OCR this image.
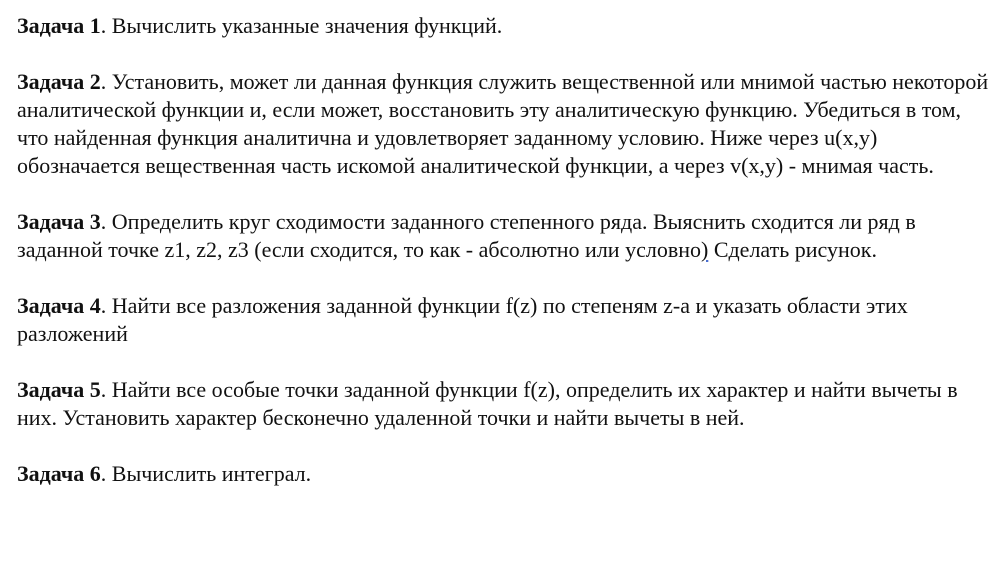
Задача 1. Вычислить указанные значения функций.

Задача 2. Установить, может ли данная функция служить вещественной или мнимой частью некоторой аналитической функции и, если может, восстановить эту аналитическую функцию. Убедиться в том, что найденная функция аналитична и удовлетворяет заданному условию. Ниже через u(x,y) обозначается вещественная часть искомой аналитической функции, а через v(x,y) - мнимая часть.

Задача 3. Определить круг сходимости заданного степенного ряда. Выяснить сходится ли ряд в заданной точке z1, z2, z3 (если сходится, то как - абсолютно или условно) Сделать рисунок.

Задача 4. Найти все разложения заданной функции f(z) по степеням z-a и указать области этих разложений

Задача 5. Найти все особые точки заданной функции f(z), определить их характер и найти вычеты в них. Установить характер бесконечно удаленной точки и найти вычеты в ней.

Задача 6. Вычислить интеграл.
